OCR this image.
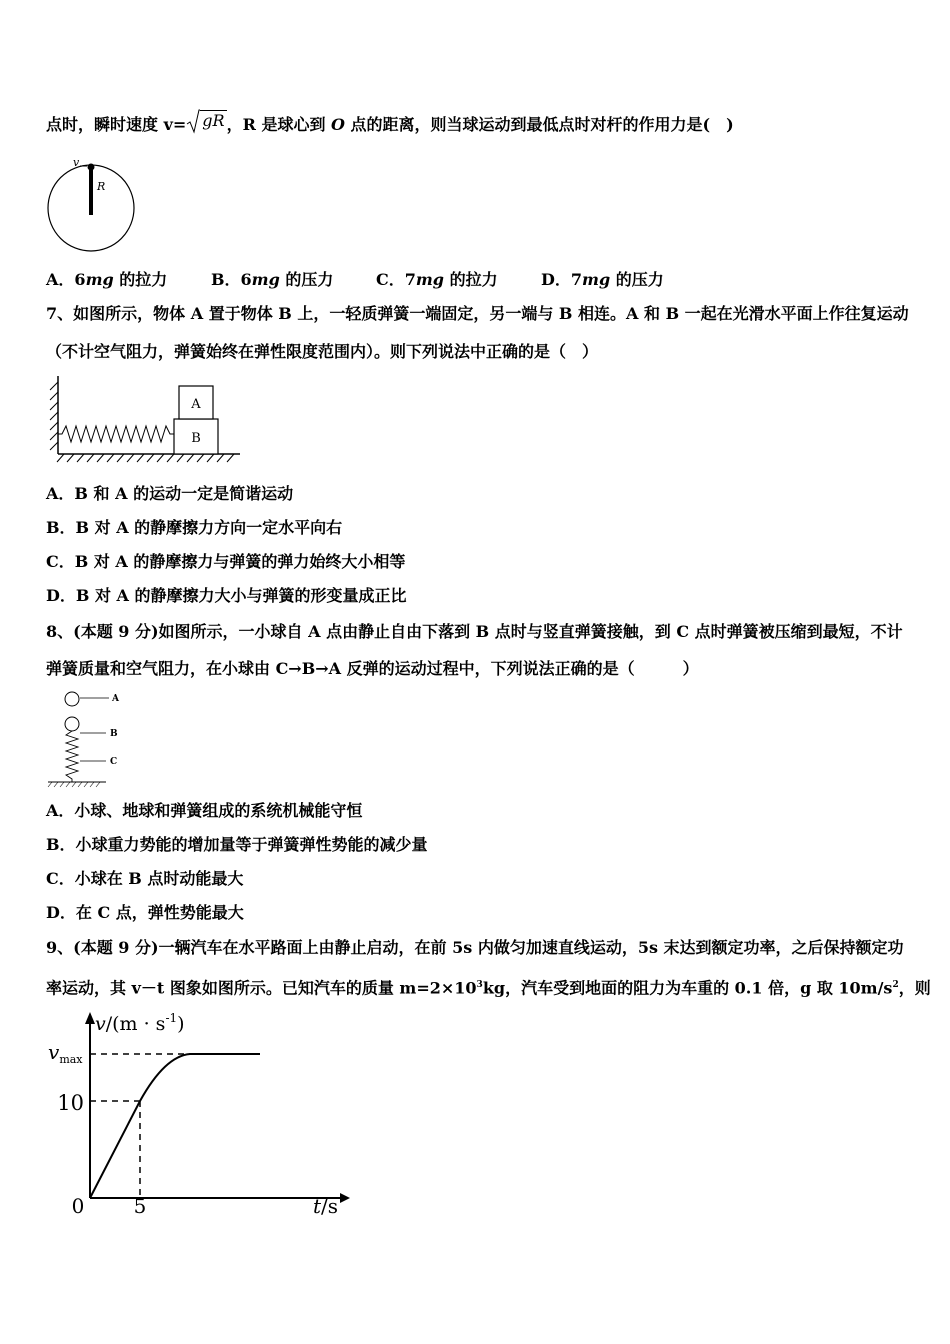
点时，瞬时速度 v= gR ，R 是球心到 O 点的距离，则当球运动到最低点时对杆的作用力是(　)
v
R
A．6mg 的拉力	B．6mg 的压力	C．7mg 的拉力	D．7mg 的压力
7、如图所示，物体 A 置于物体 B 上，一轻质弹簧一端固定，另一端与 B 相连。A 和 B 一起在光滑水平面上作往复运动
（不计空气阻力，弹簧始终在弹性限度范围内）。则下列说法中正确的是（　）
B
A
A．B 和 A 的运动一定是简谐运动
B．B 对 A 的静摩擦力方向一定水平向右
C．B 对 A 的静摩擦力与弹簧的弹力始终大小相等
D．B 对 A 的静摩擦力大小与弹簧的形变量成正比
8、(本题 9 分)如图所示，一小球自 A 点由静止自由下落到 B 点时与竖直弹簧接触，到 C 点时弹簧被压缩到最短，不计
弹簧质量和空气阻力，在小球由 C→B→A 反弹的运动过程中，下列说法正确的是（　　　）
A
B
C
A．小球、地球和弹簧组成的系统机械能守恒
B．小球重力势能的增加量等于弹簧弹性势能的减少量
C．小球在 B 点时动能最大
D．在 C 点，弹性势能最大
9、(本题 9 分)一辆汽车在水平路面上由静止启动，在前 5s 内做匀加速直线运动，5s 末达到额定功率，之后保持额定功
率运动，其 v－t 图象如图所示。已知汽车的质量 $m=2\times 10^3kg$，汽车受到地面的阻力为车重的 0.1 倍，g 取 $10m/s^2$，则
$v/(m \cdot s^{-1})$
t/s
0 5
10
$v_{max}$
